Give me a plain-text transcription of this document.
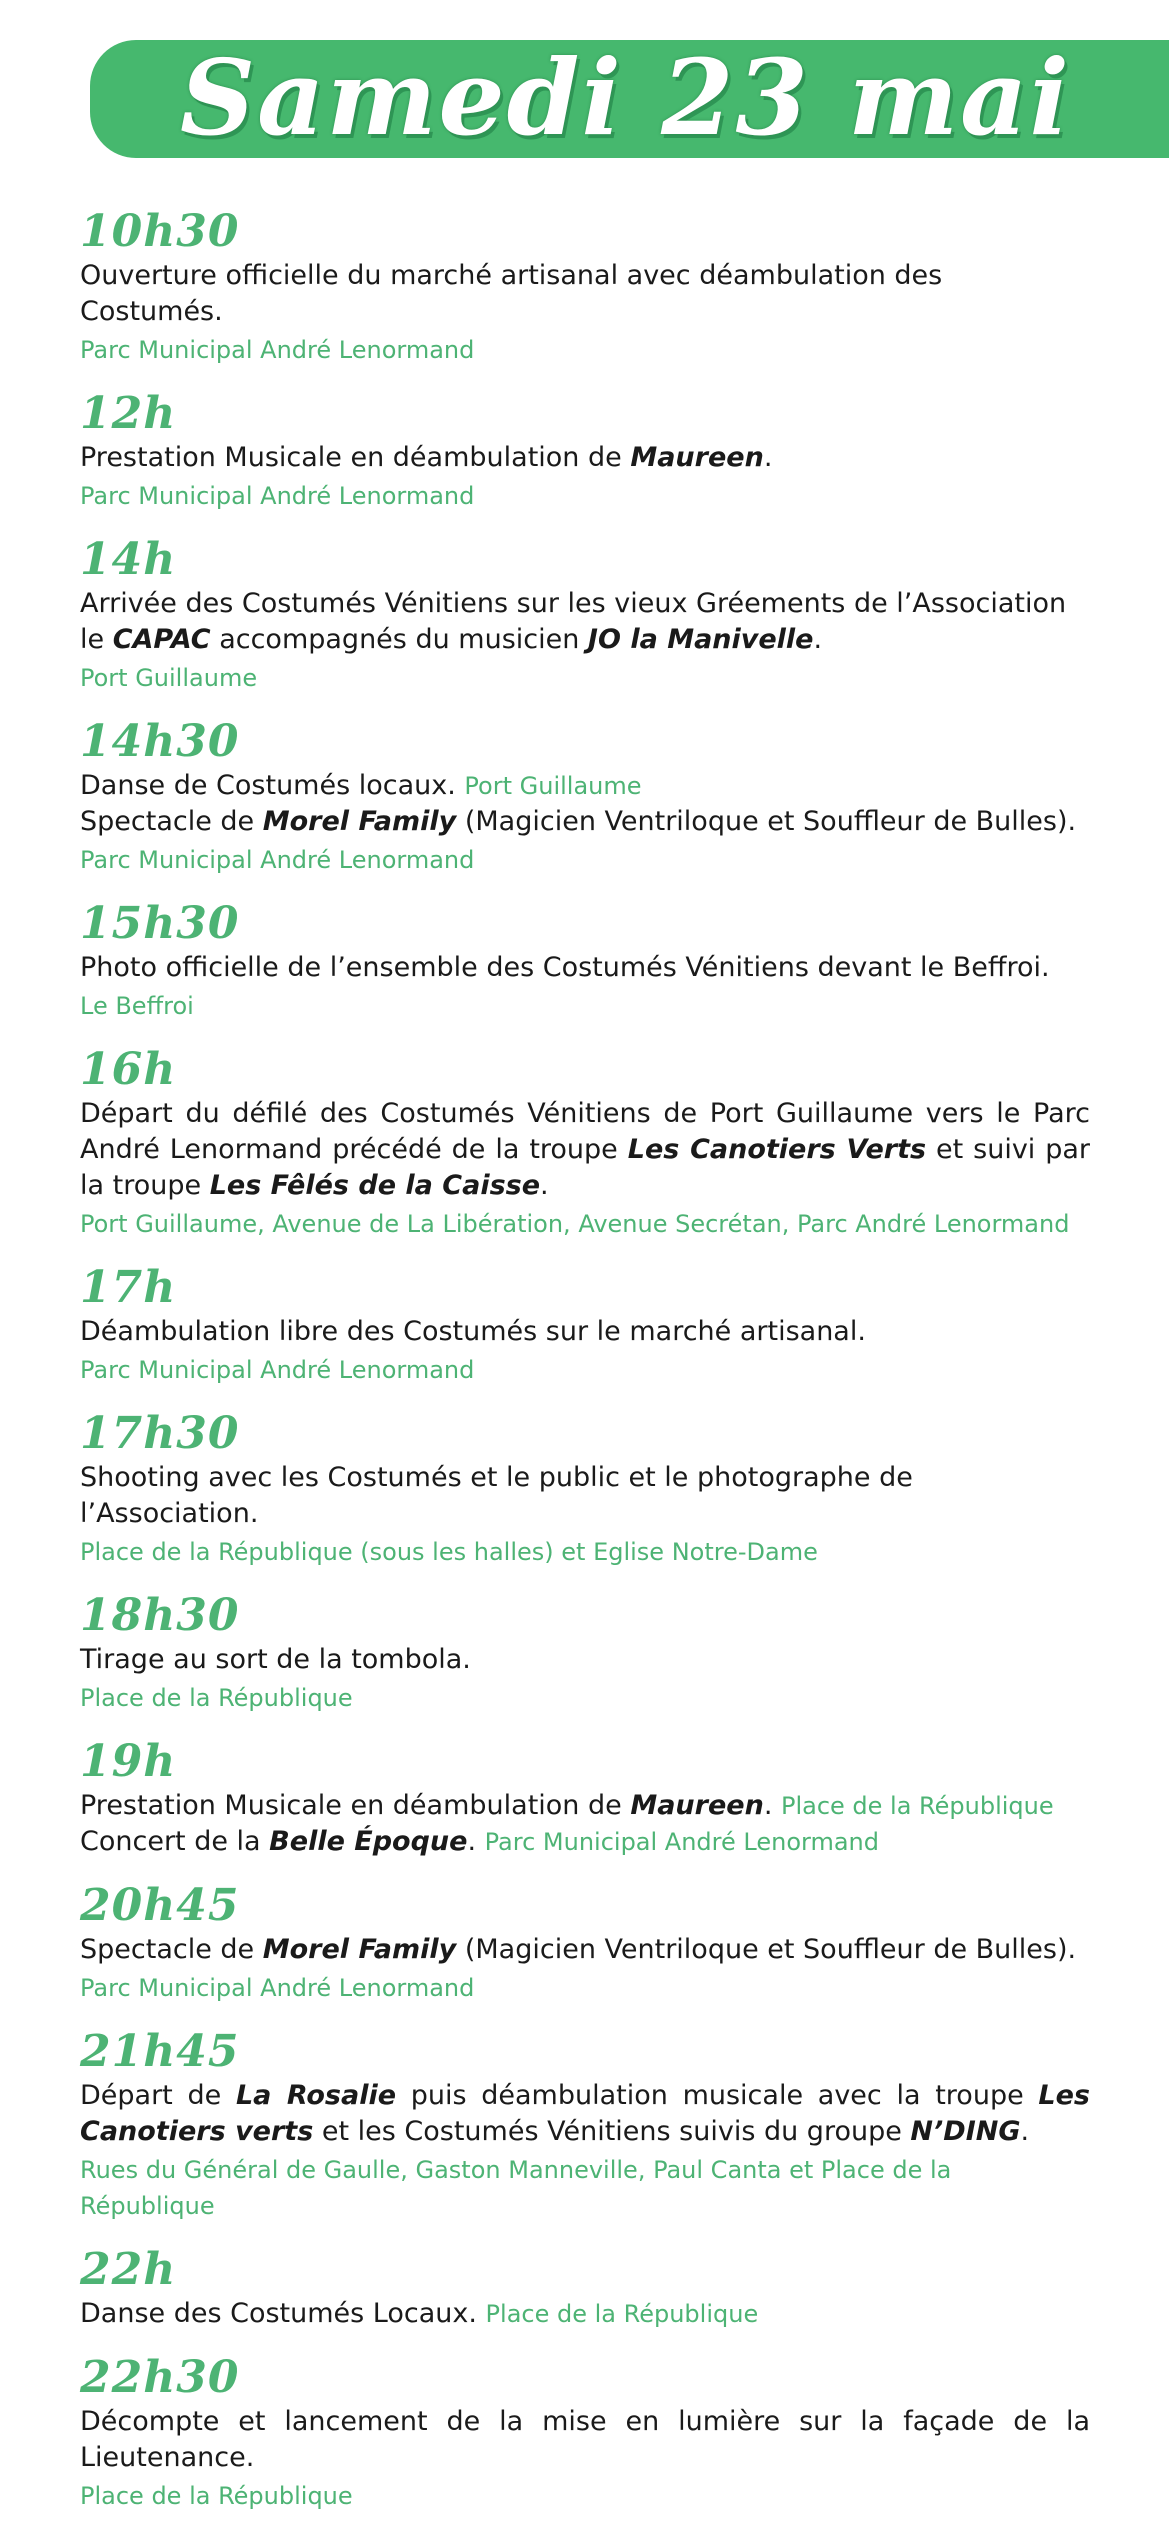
Samedi 23 mai
10h30

Ouverture officielle du marché artisanal avec déambulation des Costumés.

Parc Municipal André Lenormand

12h

Prestation Musicale en déambulation de Maureen.

Parc Municipal André Lenormand

14h

Arrivée des Costumés Vénitiens sur les vieux Gréements de l’Association

le CAPAC accompagnés du musicien JO la Manivelle.

Port Guillaume

14h30

Danse de Costumés locaux. Port Guillaume

Spectacle de Morel Family (Magicien Ventriloque et Souffleur de Bulles).

Parc Municipal André Lenormand

15h30

Photo officielle de l’ensemble des Costumés Vénitiens devant le Beffroi.

Le Beffroi

16h

Départ du défilé des Costumés Vénitiens de Port Guillaume vers le Parc André Lenormand précédé de la troupe Les Canotiers Verts et suivi par la troupe Les Fêlés de la Caisse.

Port Guillaume, Avenue de La Libération, Avenue Secrétan, Parc André Lenormand

17h

Déambulation libre des Costumés sur le marché artisanal.

Parc Municipal André Lenormand

17h30

Shooting avec les Costumés et le public et le photographe de l’Association.

Place de la République (sous les halles) et Eglise Notre-Dame

18h30

Tirage au sort de la tombola.

Place de la République

19h

Prestation Musicale en déambulation de Maureen. Place de la République

Concert de la Belle Époque. Parc Municipal André Lenormand

20h45

Spectacle de Morel Family (Magicien Ventriloque et Souffleur de Bulles).

Parc Municipal André Lenormand

21h45

Départ de La Rosalie puis déambulation musicale avec la troupe Les Canotiers verts et les Costumés Vénitiens suivis du groupe N’DING.

Rues du Général de Gaulle, Gaston Manneville, Paul Canta et Place de la République

22h

Danse des Costumés Locaux. Place de la République

22h30

Décompte et lancement de la mise en lumière sur la façade de la Lieutenance.

Place de la République
